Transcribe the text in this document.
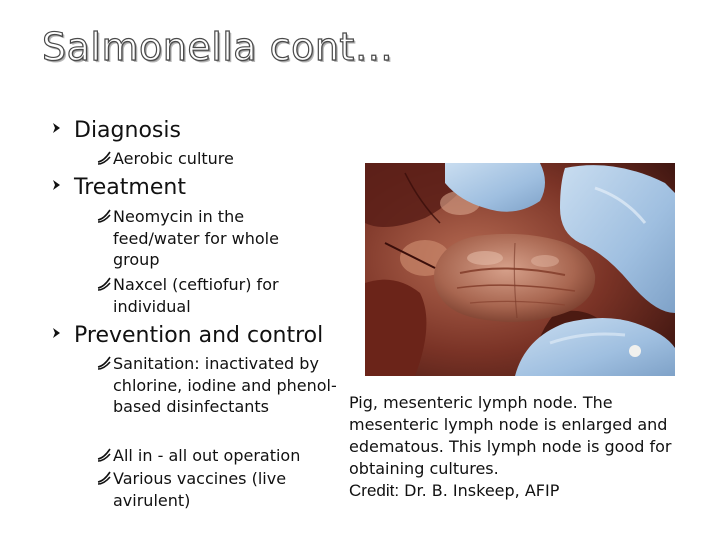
Salmonella cont…
Diagnosis
Aerobic culture
Treatment
Neomycin in the feed/water for whole group
Naxcel (ceftiofur) for individual
Prevention and control
Sanitation: inactivated by chlorine, iodine and phenol-based disinfectants
All in - all out operation
Various vaccines (live avirulent)
Pig, mesenteric lymph node. The mesenteric lymph node is enlarged and edematous. This lymph node is good for obtaining cultures.
Credit: Dr. B. Inskeep, AFIP
